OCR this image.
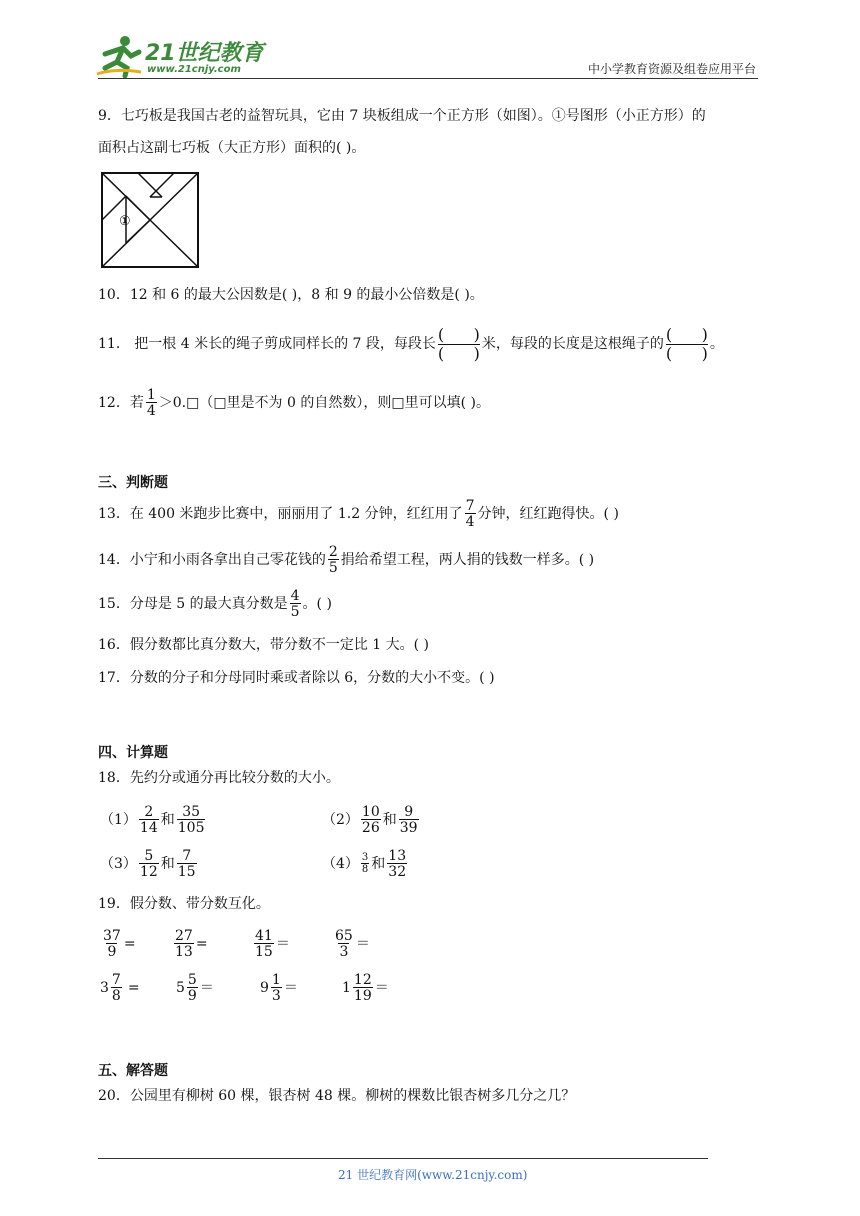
21世纪教育
www.21cnjy.com	中小学教育资源及组卷应用平台
9．七巧板是我国古老的益智玩具，它由 7 块板组成一个正方形（如图）。①号图形（小正方形）的
面积占这副七巧板（大正方形）面积的( )。
①
10．12 和 6 的最大公因数是( )，8 和 9 的最小公倍数是( )。
11． 把一根 4 米长的绳子剪成同样长的 7 段，每段长
( )
( ) 米，每段的长度是这根绳子的
( )
( ) 。
12．若 $\frac{1}{4}$ ＞0.□（□里是不为 0 的自然数），则□里可以填( )。
三、判断题
13．在 400 米跑步比赛中，丽丽用了 1.2 分钟，红红用了 $\frac{7}{4}$ 分钟，红红跑得快。( )
14．小宁和小雨各拿出自己零花钱的 $\frac{2}{5}$ 捐给希望工程，两人捐的钱数一样多。( )
15．分母是 5 的最大真分数是 $\frac{4}{5}$ 。( )
16．假分数都比真分数大，带分数不一定比 1 大。( )
17．分数的分子和分母同时乘或者除以 6，分数的大小不变。( )
四、计算题
18．先约分或通分再比较分数的大小。
$(1) \frac{2}{14}$ 和 $\frac{35}{105}$	$(2) \frac{10}{26}$ 和 $\frac{9}{39}$
$(3) \frac{5}{12}$ 和 $\frac{7}{15}$	$(4) \frac{3}{8}$ 和 $\frac{13}{32}$
19．假分数、带分数互化。
$\frac{37}{9}$ =	$\frac{27}{13}$ =	$\frac{41}{15}$ ＝	$\frac{65}{3}$ ＝
$3 \frac{7}{8}$ =	$5 \frac{5}{9}$ ＝	$9 \frac{1}{3}$ ＝	$1 \frac{12}{19}$ ＝
五、解答题
20．公园里有柳树 60 棵，银杏树 48 棵。柳树的棵数比银杏树多几分之几？
21 世纪教育网(www.21cnjy.com)
